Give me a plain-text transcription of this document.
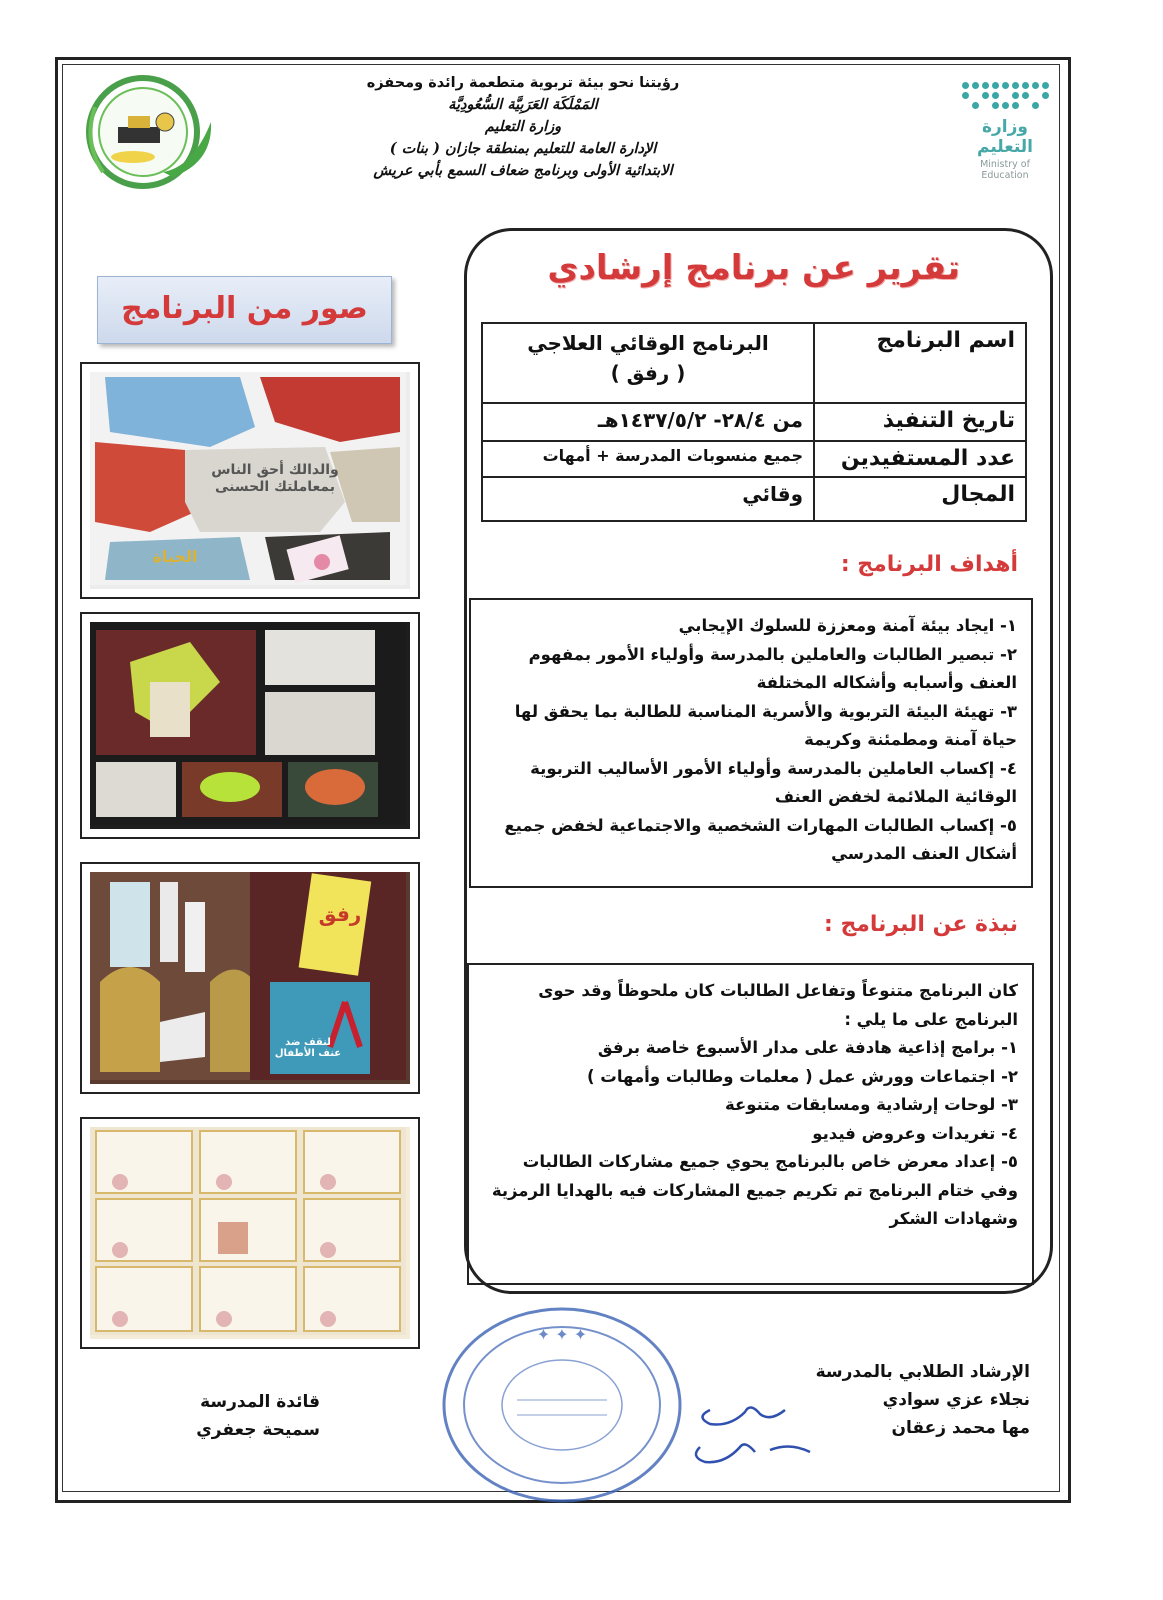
رؤيتنا نحو بيئة تربوية متطعمة رائدة ومحفزه
المَمْلَكَة العَرَبِيَّة السُّعُودِيَّة
وزارة التعليم
الإدارة العامة للتعليم بمنطقة جازان ( بنات )
الابتدائية الأولى وبرنامج ضعاف السمع بأبي عريش
وزارة التعليم
Ministry of Education
تقرير عن برنامج إرشادي
اسم البرنامج	البرنامج الوقائي العلاجي
( رفق )

تاريخ التنفيذ	من ٢٨/٤- ١٤٣٧/٥/٢هـ
عدد المستفيدين	جميع منسوبات المدرسة + أمهات
المجال	وقائي
أهداف البرنامج :
١- ايجاد بيئة آمنة ومعززة للسلوك الإيجابي
٢- تبصير الطالبات والعاملين بالمدرسة وأولياء الأمور بمفهوم العنف وأسبابه وأشكاله المختلفة
٣- تهيئة البيئة التربوية والأسرية المناسبة للطالبة بما يحقق لها حياة آمنة ومطمئنة وكريمة
٤- إكساب العاملين بالمدرسة وأولياء الأمور الأساليب التربوية الوقائية الملائمة لخفض العنف
٥- إكساب الطالبات المهارات الشخصية والاجتماعية لخفض جميع أشكال العنف المدرسي
نبذة عن البرنامج :
كان البرنامج متنوعاً وتفاعل الطالبات كان ملحوظاً وقد حوى البرنامج على ما يلي :
١- برامج إذاعية هادفة على مدار الأسبوع خاصة برفق
٢- اجتماعات وورش عمل ( معلمات وطالبات وأمهات )
٣- لوحات إرشادية ومسابقات متنوعة
٤- تغريدات وعروض فيديو
٥- إعداد معرض خاص بالبرنامج يحوي جميع مشاركات الطالبات
وفي ختام البرنامج تم تكريم جميع المشاركات فيه بالهدايا الرمزية وشهادات الشكر
صور من البرنامج
والدالك أحق الناس بمعاملتك الحسنى
الحياة
رفق
لنقف ضد عنف الأطفال
✦ ✦ ✦
قائدة المدرسة
سميحة جعفري
الإرشاد الطلابي بالمدرسة
نجلاء عزي سوادي
مها محمد زعقان
